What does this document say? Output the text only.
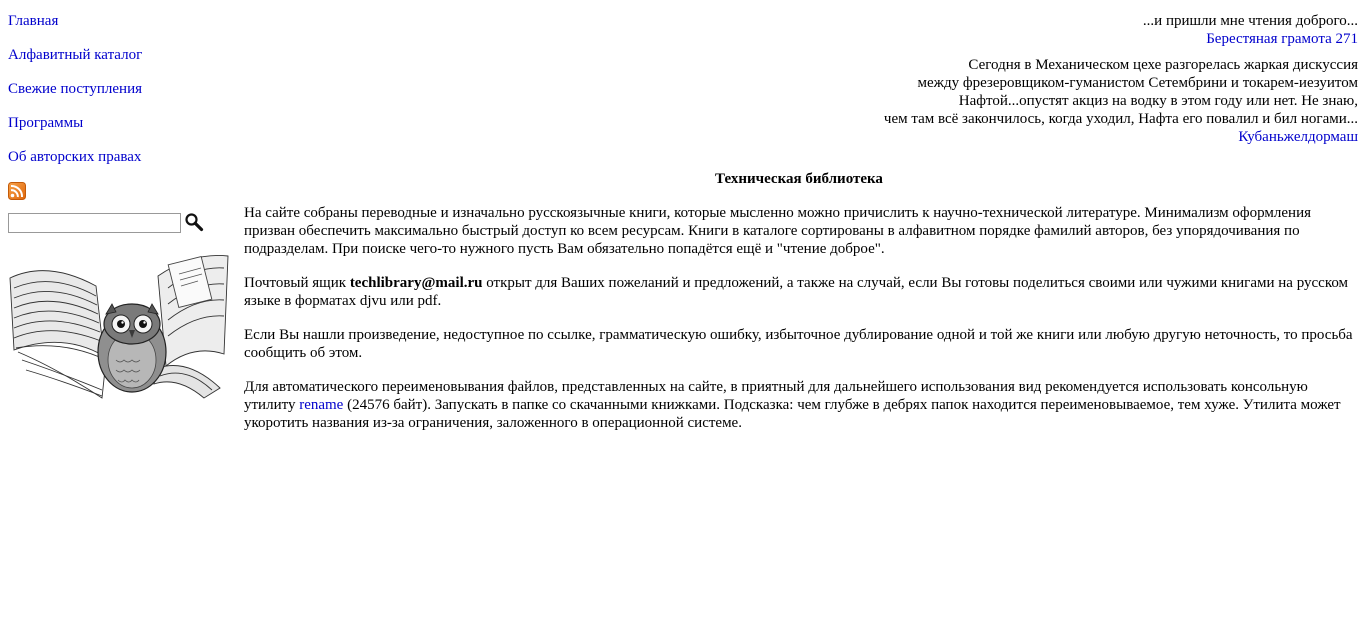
Главная
Алфавитный каталог
Свежие поступления
Программы
Об авторских правах
...и пришли мне чтения доброго...
Берестяная грамота 271
Сегодня в Механическом цехе разгорелась жаркая дискуссия
между фрезеровщиком-гуманистом Сетембрини и токарем-иезуитом
Нафтой...опустят акциз на водку в этом году или нет. Не знаю,
чем там всё закончилось, когда уходил, Нафта его повалил и бил ногами...
Кубаньжелдормаш
Техническая библиотека

На сайте собраны переводные и изначально русскоязычные книги, которые мысленно можно причислить к научно-технической литературе. Минимализм оформления призван обеспечить максимально быстрый доступ ко всем ресурсам. Книги в каталоге сортированы в алфавитном порядке фамилий авторов, без упорядочивания по подразделам. При поиске чего-то нужного пусть Вам обязательно попадётся ещё и "чтение доброе".

Почтовый ящик techlibrary@mail.ru открыт для Ваших пожеланий и предложений, а также на случай, если Вы готовы поделиться своими или чужими книгами на русском языке в форматах djvu или pdf.

Если Вы нашли произведение, недоступное по ссылке, грамматическую ошибку, избыточное дублирование одной и той же книги или любую другую неточность, то просьба сообщить об этом.

Для автоматического переименовывания файлов, представленных на сайте, в приятный для дальнейшего использования вид рекомендуется использовать консольную утилиту rename (24576 байт). Запускать в папке со скачанными книжками. Подсказка: чем глубже в дебрях папок находится переименовываемое, тем хуже. Утилита может укоротить названия из-за ограничения, заложенного в операционной системе.
